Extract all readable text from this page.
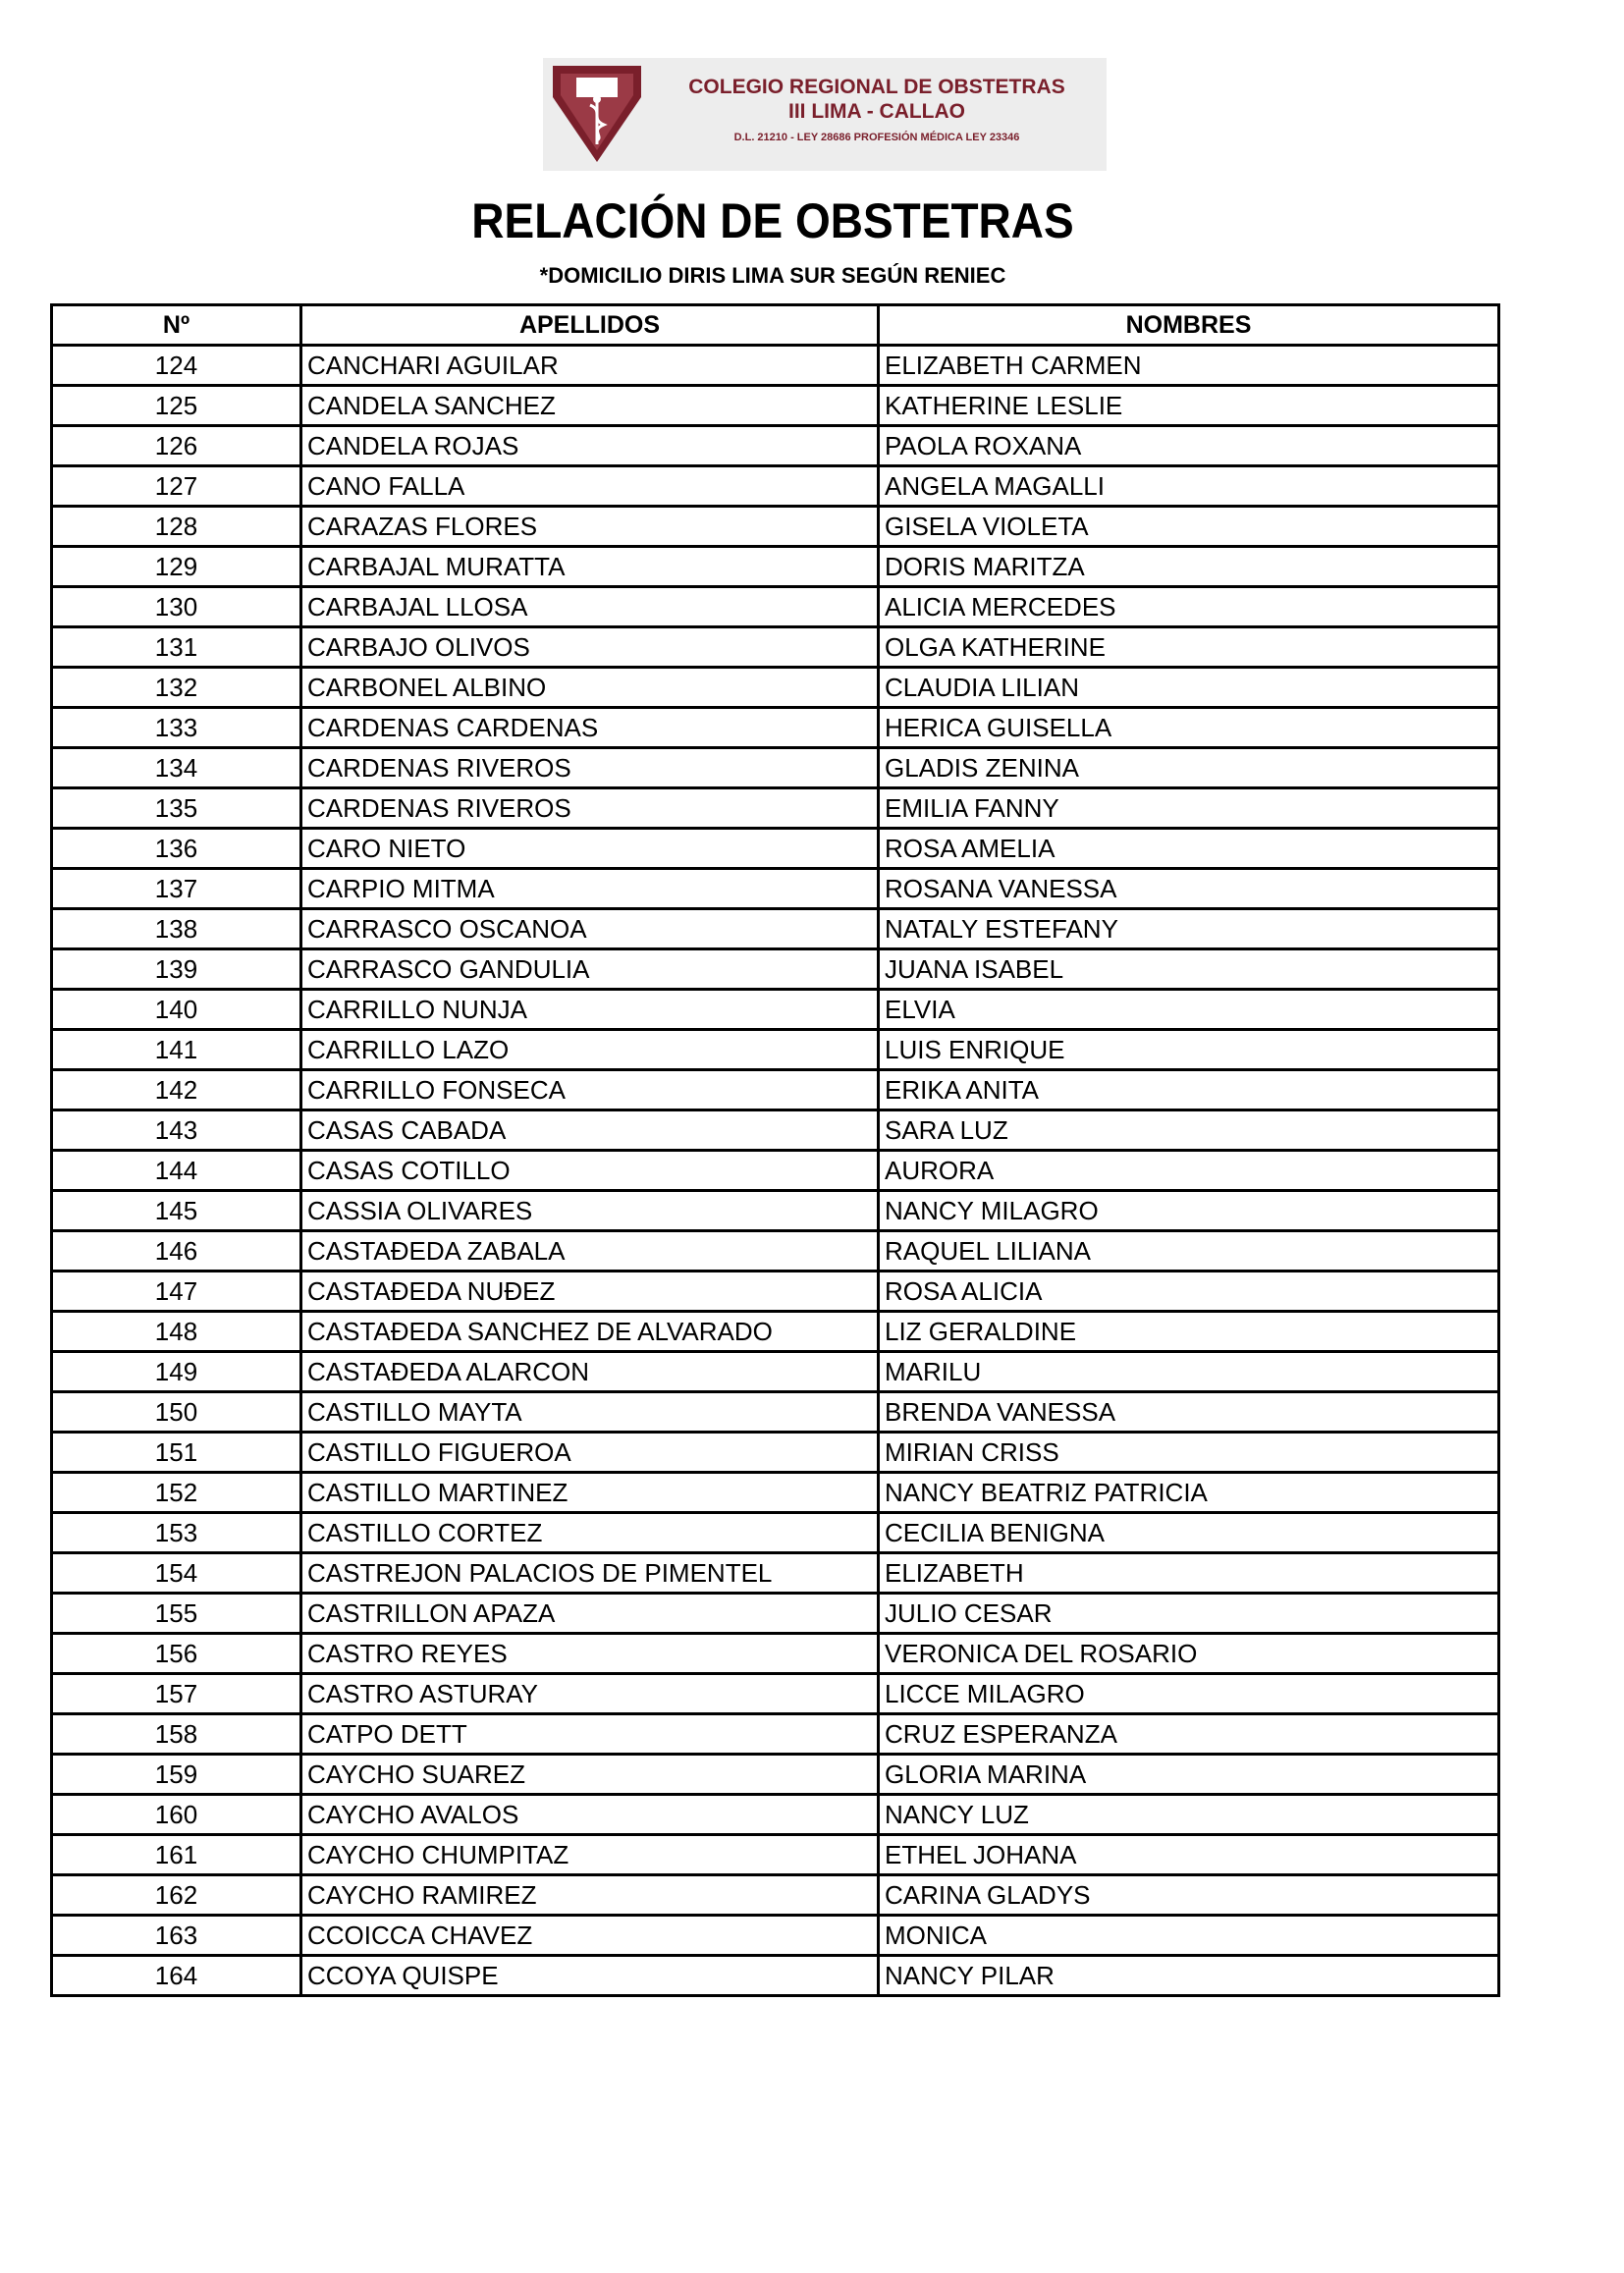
COLEGIO REGIONAL DE OBSTETRAS
III LIMA - CALLAO
D.L. 21210 - LEY 28686 PROFESIÓN MÉDICA LEY 23346
RELACIÓN DE OBSTETRAS
*DOMICILIO DIRIS LIMA SUR SEGÚN RENIEC
Nº	APELLIDOS	NOMBRES
124	CANCHARI AGUILAR	ELIZABETH CARMEN
125	CANDELA SANCHEZ	KATHERINE LESLIE
126	CANDELA ROJAS	PAOLA ROXANA
127	CANO FALLA	ANGELA MAGALLI
128	CARAZAS FLORES	GISELA VIOLETA
129	CARBAJAL MURATTA	DORIS MARITZA
130	CARBAJAL LLOSA	ALICIA MERCEDES
131	CARBAJO OLIVOS	OLGA KATHERINE
132	CARBONEL ALBINO	CLAUDIA LILIAN
133	CARDENAS CARDENAS	HERICA GUISELLA
134	CARDENAS RIVEROS	GLADIS ZENINA
135	CARDENAS RIVEROS	EMILIA FANNY
136	CARO NIETO	ROSA AMELIA
137	CARPIO MITMA	ROSANA VANESSA
138	CARRASCO OSCANOA	NATALY ESTEFANY
139	CARRASCO GANDULIA	JUANA ISABEL
140	CARRILLO NUNJA	ELVIA
141	CARRILLO LAZO	LUIS ENRIQUE
142	CARRILLO FONSECA	ERIKA ANITA
143	CASAS CABADA	SARA LUZ
144	CASAS COTILLO	AURORA
145	CASSIA OLIVARES	NANCY MILAGRO
146	CASTAĐEDA ZABALA	RAQUEL LILIANA
147	CASTAĐEDA NUĐEZ	ROSA ALICIA
148	CASTAĐEDA SANCHEZ DE ALVARADO	LIZ GERALDINE
149	CASTAĐEDA ALARCON	MARILU
150	CASTILLO MAYTA	BRENDA VANESSA
151	CASTILLO FIGUEROA	MIRIAN CRISS
152	CASTILLO MARTINEZ	NANCY BEATRIZ PATRICIA
153	CASTILLO CORTEZ	CECILIA BENIGNA
154	CASTREJON PALACIOS DE PIMENTEL	ELIZABETH
155	CASTRILLON APAZA	JULIO CESAR
156	CASTRO REYES	VERONICA DEL ROSARIO
157	CASTRO ASTURAY	LICCE MILAGRO
158	CATPO DETT	CRUZ ESPERANZA
159	CAYCHO SUAREZ	GLORIA MARINA
160	CAYCHO AVALOS	NANCY LUZ
161	CAYCHO CHUMPITAZ	ETHEL JOHANA
162	CAYCHO RAMIREZ	CARINA GLADYS
163	CCOICCA CHAVEZ	MONICA
164	CCOYA QUISPE	NANCY PILAR
